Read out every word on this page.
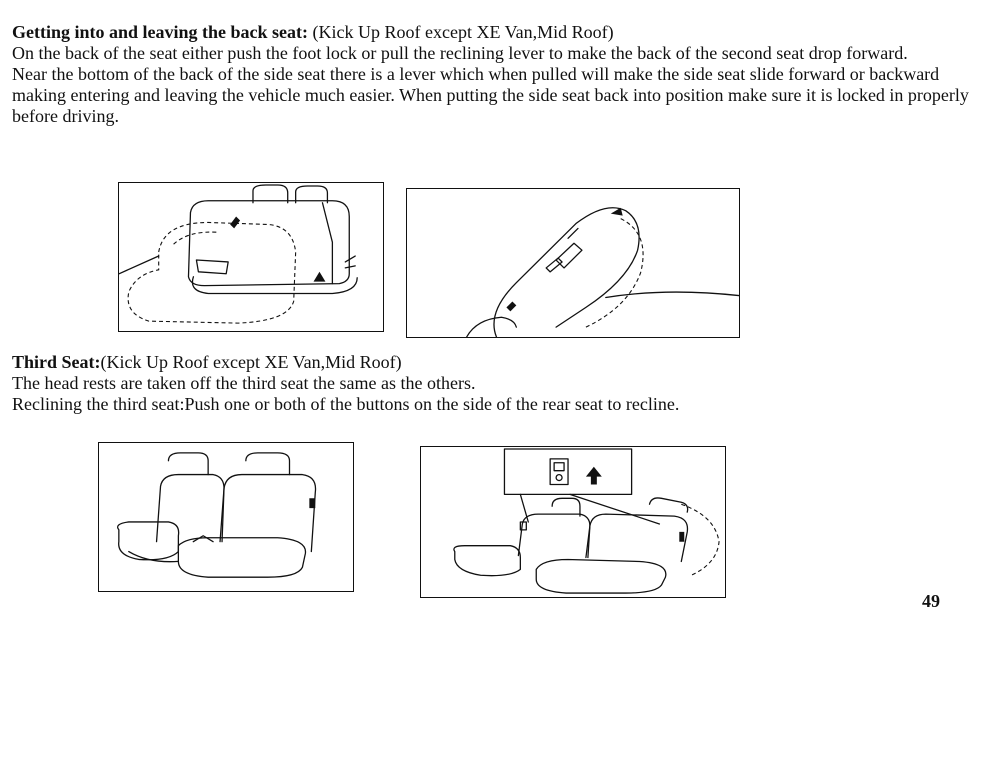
Getting into and leaving the back seat: (Kick Up Roof except XE Van,Mid Roof)

On the back of the seat either push the foot lock or pull the reclining lever to make the back of the second seat drop forward.

Near the bottom of the back of the side seat there is a lever which when pulled will make the side seat slide forward or backward making entering and leaving the vehicle much easier. When putting the side seat back into position make sure it is locked in properly before driving.

Third Seat:(Kick Up Roof except XE Van,Mid Roof)

The head rests are taken off the third seat the same as the others.

Reclining the third seat:Push one or both of the buttons on the side of the rear seat to recline.

49
